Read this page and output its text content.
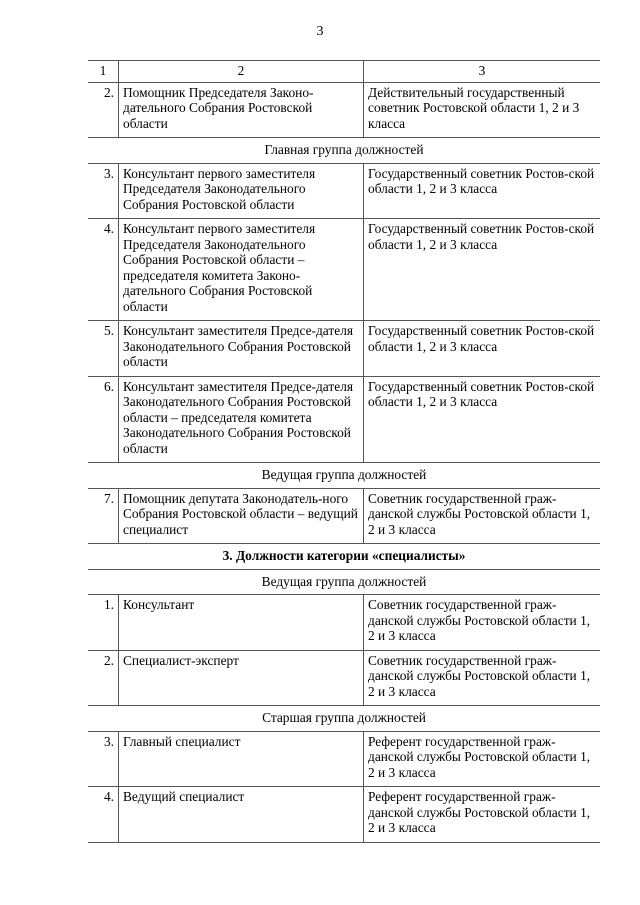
3
1	2	3
2.	Помощник Председателя Законо-дательного Собрания Ростовской области	Действительный государственный советник Ростовской области 1, 2 и 3 класса
Главная группа должностей		
3.	Консультант первого заместителя Председателя Законодательного Собрания Ростовской области	Государственный советник Ростов-ской области 1, 2 и 3 класса
4.	Консультант первого заместителя Председателя Законодательного Собрания Ростовской области – председателя комитета Законо-дательного Собрания Ростовской области	Государственный советник Ростов-ской области 1, 2 и 3 класса
5.	Консультант заместителя Предсе-дателя Законодательного Собрания Ростовской области	Государственный советник Ростов-ской области 1, 2 и 3 класса
6.	Консультант заместителя Предсе-дателя Законодательного Собрания Ростовской области – председателя комитета Законодательного Собрания Ростовской области	Государственный советник Ростов-ской области 1, 2 и 3 класса
Ведущая группа должностей		
7.	Помощник депутата Законодатель-ного Собрания Ростовской области – ведущий специалист	Советник государственной граж-данской службы Ростовской области 1, 2 и 3 класса
3. Должности категории «специалисты»		
Ведущая группа должностей		
1.	Консультант	Советник государственной граж-данской службы Ростовской области 1, 2 и 3 класса
2.	Специалист-эксперт	Советник государственной граж-данской службы Ростовской области 1, 2 и 3 класса
Старшая группа должностей		
3.	Главный специалист	Референт государственной граж-данской службы Ростовской области 1, 2 и 3 класса
4.	Ведущий специалист	Референт государственной граж-данской службы Ростовской области 1, 2 и 3 класса
